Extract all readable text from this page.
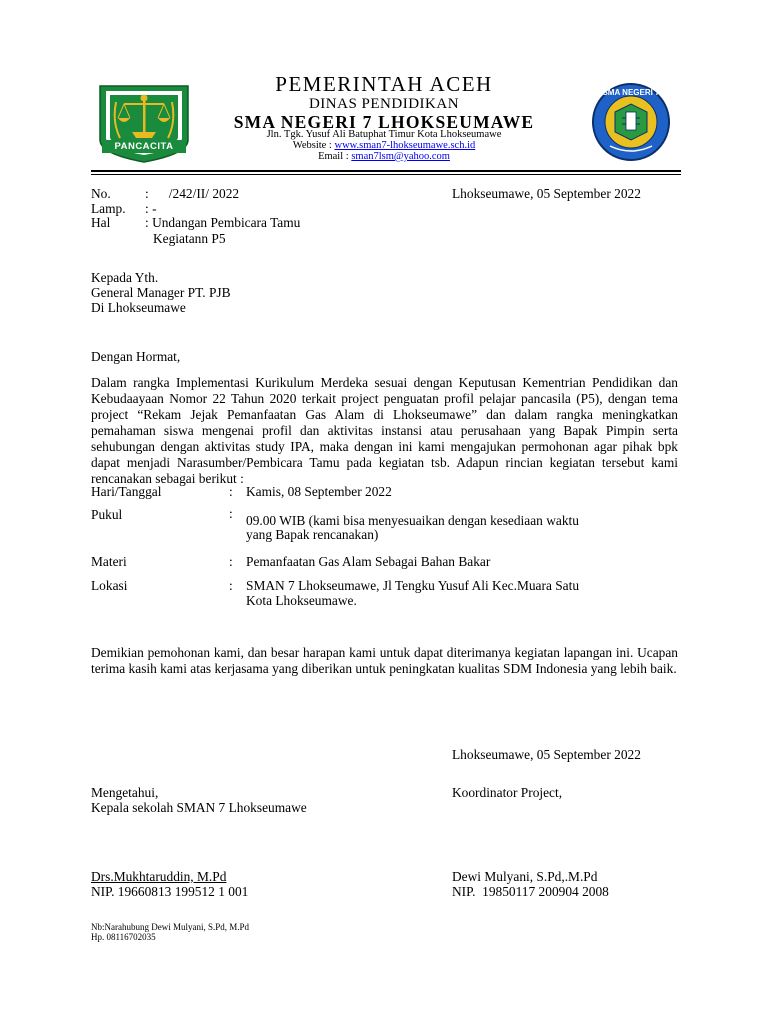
PANCACITA
SMA NEGERI 7
PEMERINTAH ACEH
DINAS PENDIDIKAN
SMA NEGERI 7 LHOKSEUMAWE
Jln. Tgk. Yusuf Ali Batuphat Timur Kota Lhokseumawe
Website : www.sman7-lhokseumawe.sch.id
Email : sman7lsm@yahoo.com
No.	:      /242/II/ 2022	Lhokseumawe, 05 September 2022
Lamp. : -
Hal	: Undangan Pembicara Tamu
Kegiatann P5
Kepada Yth.
General Manager PT. PJB
Di Lhokseumawe
Dengan Hormat,
Dalam rangka Implementasi Kurikulum Merdeka sesuai dengan Keputusan Kementrian Pendidikan dan Kebudaayaan Nomor 22 Tahun 2020 terkait project penguatan profil pelajar pancasila (P5), dengan tema project “Rekam Jejak Pemanfaatan Gas Alam di Lhokseumawe” dan dalam rangka meningkatkan pemahaman siswa mengenai profil dan aktivitas instansi atau perusahaan yang Bapak Pimpin serta sehubungan dengan aktivitas study IPA, maka dengan ini kami mengajukan permohonan agar pihak bpk dapat menjadi Narasumber/Pembicara Tamu pada kegiatan tsb. Adapun rincian kegiatan tersebut kami rencanakan sebagai berikut :
Hari/Tanggal	: Kamis, 08 September 2022
Pukul	: 09.00 WIB (kami bisa menyesuaikan dengan kesediaan waktu
yang Bapak rencanakan)
Materi	: Pemanfaatan Gas Alam Sebagai Bahan Bakar
Lokasi	: SMAN 7 Lhokseumawe, Jl Tengku Yusuf Ali Kec.Muara Satu
Kota Lhokseumawe.
Demikian pemohonan kami, dan besar harapan kami untuk dapat diterimanya kegiatan lapangan ini. Ucapan terima kasih kami atas kerjasama yang diberikan untuk peningkatan kualitas SDM Indonesia yang lebih baik.
Lhokseumawe, 05 September 2022
Mengetahui,
Kepala sekolah SMAN 7 Lhokseumawe
Koordinator Project,
Drs.Mukhtaruddin, M.Pd
NIP. 19660813 199512 1 001
Dewi Mulyani, S.Pd,.M.Pd
NIP.  19850117 200904 2008
Nb:Narahubung Dewi Mulyani, S.Pd, M.Pd
Hp. 08116702035
